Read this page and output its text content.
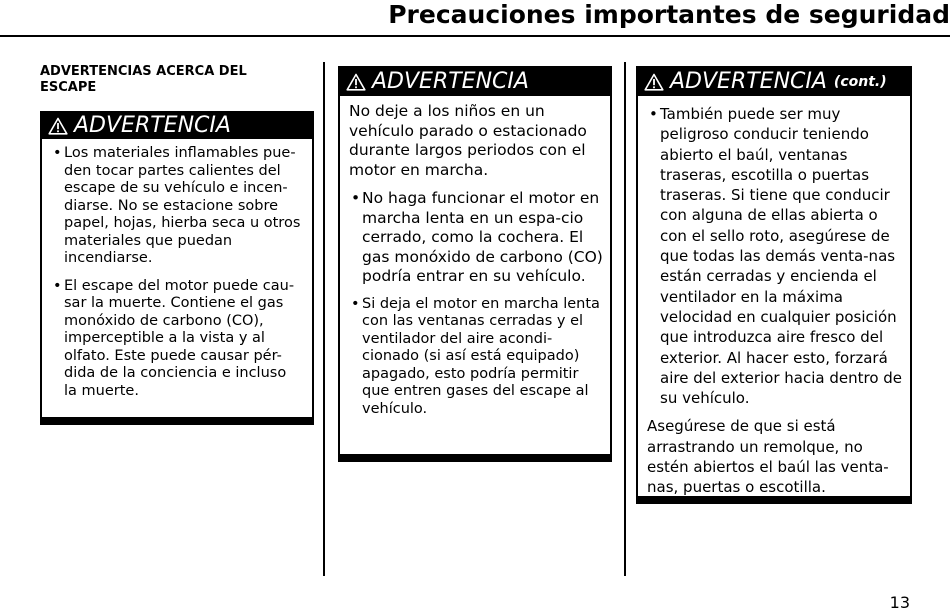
Precauciones importantes de seguridad
ADVERTENCIAS ACERCA DEL ESCAPE
ADVERTENCIA
• Los materiales inflamables pue-den tocar partes calientes del escape de su vehículo e incen-diarse. No se estacione sobre papel, hojas, hierba seca u otros materiales que puedan incendiarse.
• El escape del motor puede cau-sar la muerte. Contiene el gas monóxido de carbono (CO), imperceptible a la vista y al olfato. Este puede causar pér-dida de la conciencia e incluso la muerte.
ADVERTENCIA

No deje a los niños en un vehículo parado o estacionado durante largos periodos con el motor en marcha.

• No haga funcionar el motor en marcha lenta en un espa-cio cerrado, como la cochera. El gas monóxido de carbono (CO) podría entrar en su vehículo.
• Si deja el motor en marcha lenta con las ventanas cerradas y el ventilador del aire acondi-cionado (si así está equipado) apagado, esto podría permitir que entren gases del escape al vehículo.
ADVERTENCIA (cont.)
• También puede ser muy peligroso conducir teniendo abierto el baúl, ventanas traseras, escotilla o puertas traseras. Si tiene que conducir con alguna de ellas abierta o con el sello roto, asegúrese de que todas las demás venta-nas están cerradas y encienda el ventilador en la máxima velocidad en cualquier posición que introduzca aire fresco del exterior. Al hacer esto, forzará aire del exterior hacia dentro de su vehículo.

Asegúrese de que si está arrastrando un remolque, no estén abiertos el baúl las venta-nas, puertas o escotilla.

13
